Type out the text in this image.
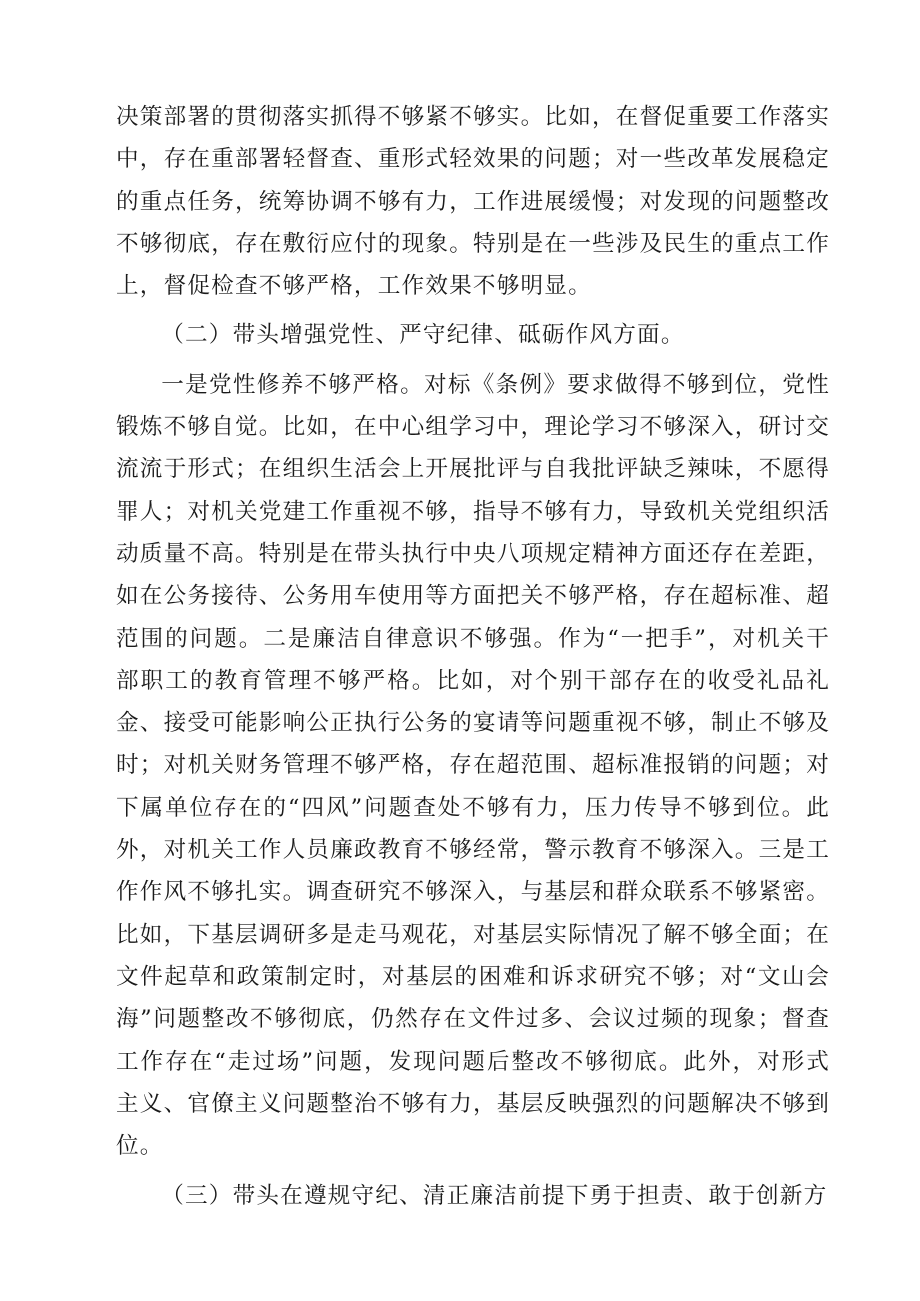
决策部署的贯彻落实抓得不够紧不够实。比如，在督促重要工作落实中，存在重部署轻督查、重形式轻效果的问题；对一些改革发展稳定的重点任务，统筹协调不够有力，工作进展缓慢；对发现的问题整改不够彻底，存在敷衍应付的现象。特别是在一些涉及民生的重点工作上，督促检查不够严格，工作效果不够明显。

（二）带头增强党性、严守纪律、砥砺作风方面。

一是党性修养不够严格。对标《条例》要求做得不够到位，党性锻炼不够自觉。比如，在中心组学习中，理论学习不够深入，研讨交流流于形式；在组织生活会上开展批评与自我批评缺乏辣味，不愿得罪人；对机关党建工作重视不够，指导不够有力，导致机关党组织活动质量不高。特别是在带头执行中央八项规定精神方面还存在差距，如在公务接待、公务用车使用等方面把关不够严格，存在超标准、超范围的问题。二是廉洁自律意识不够强。作为“一把手”，对机关干部职工的教育管理不够严格。比如，对个别干部存在的收受礼品礼金、接受可能影响公正执行公务的宴请等问题重视不够，制止不够及时；对机关财务管理不够严格，存在超范围、超标准报销的问题；对下属单位存在的“四风”问题查处不够有力，压力传导不够到位。此外，对机关工作人员廉政教育不够经常，警示教育不够深入。三是工作作风不够扎实。调查研究不够深入，与基层和群众联系不够紧密。比如，下基层调研多是走马观花，对基层实际情况了解不够全面；在文件起草和政策制定时，对基层的困难和诉求研究不够；对“文山会海”问题整改不够彻底，仍然存在文件过多、会议过频的现象；督查工作存在“走过场”问题，发现问题后整改不够彻底。此外，对形式主义、官僚主义问题整治不够有力，基层反映强烈的问题解决不够到位。

（三）带头在遵规守纪、清正廉洁前提下勇于担责、敢于创新方
